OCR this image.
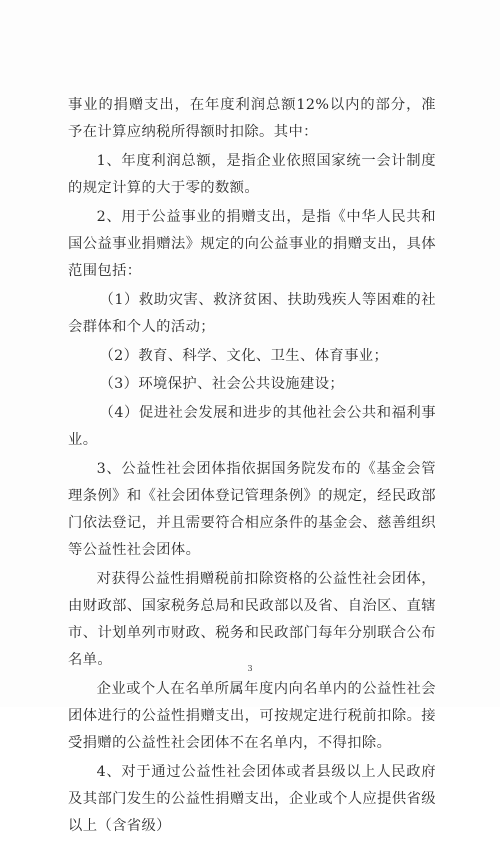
事业的捐赠支出，在年度利润总额12%以内的部分，准予在计算应纳税所得额时扣除。其中：

1、年度利润总额，是指企业依照国家统一会计制度的规定计算的大于零的数额。

2、用于公益事业的捐赠支出，是指《中华人民共和国公益事业捐赠法》规定的向公益事业的捐赠支出，具体范围包括：

（1）救助灾害、救济贫困、扶助残疾人等困难的社会群体和个人的活动；

（2）教育、科学、文化、卫生、体育事业；

（3）环境保护、社会公共设施建设；

（4）促进社会发展和进步的其他社会公共和福利事业。

3、公益性社会团体指依据国务院发布的《基金会管理条例》和《社会团体登记管理条例》的规定，经民政部门依法登记，并且需要符合相应条件的基金会、慈善组织等公益性社会团体。

对获得公益性捐赠税前扣除资格的公益性社会团体，由财政部、国家税务总局和民政部以及省、自治区、直辖市、计划单列市财政、税务和民政部门每年分别联合公布名单。

企业或个人在名单所属年度内向名单内的公益性社会团体进行的公益性捐赠支出，可按规定进行税前扣除。接受捐赠的公益性社会团体不在名单内，不得扣除。

4、对于通过公益性社会团体或者县级以上人民政府及其部门发生的公益性捐赠支出，企业或个人应提供省级以上（含省级）

3
